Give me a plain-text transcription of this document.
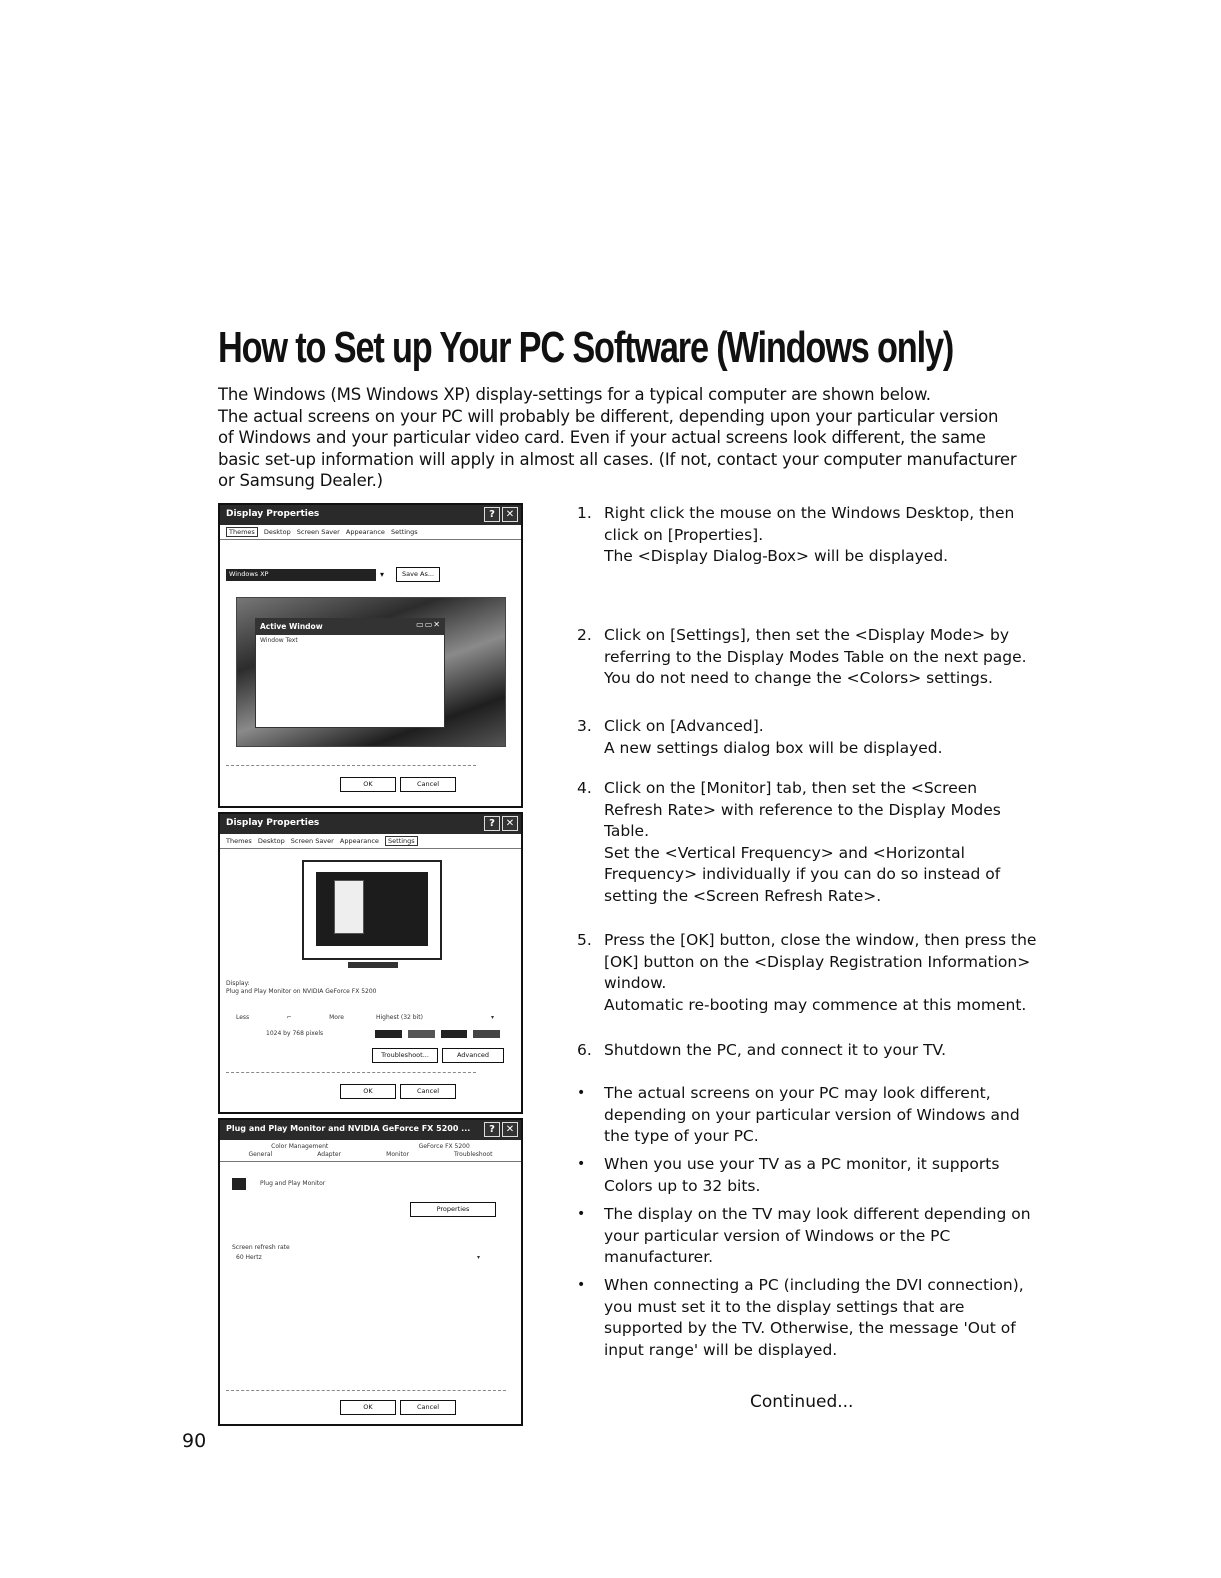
How to Set up Your PC Software (Windows only)

The Windows (MS Windows XP) display-settings for a typical computer are shown below.

The actual screens on your PC will probably be different, depending upon your particular version of Windows and your particular video card. Even if your actual screens look different, the same basic set-up information will apply in almost all cases. (If not, contact your computer manufacturer or Samsung Dealer.)

Display Properties	?	✕
Themes Desktop Screen Saver Appearance Settings
Windows XP	▾	Save As...
Active Window	▭▭✕
Window Text
OK	Cancel
Display Properties	?	✕
Themes Desktop Screen Saver Appearance Settings
Display:
Plug and Play Monitor on NVIDIA GeForce FX 5200
Less	⌐	More
1024 by 768 pixels
Highest (32 bit)	▾
Troubleshoot...	Advanced
OK	Cancel
Plug and Play Monitor and NVIDIA GeForce FX 5200 ...	?	✕
Color Management	GeForce FX 5200
General	Adapter	Monitor	Troubleshoot
Plug and Play Monitor
Properties
Screen refresh rate
60 Hertz	▾
OK	Cancel
1. Right click the mouse on the Windows Desktop, then click on [Properties].

The <Display Dialog-Box> will be displayed.

2. Click on [Settings], then set the <Display Mode> by referring to the Display Modes Table on the next page.

You do not need to change the <Colors> settings.

3. Click on [Advanced].

A new settings dialog box will be displayed.

4. Click on the [Monitor] tab, then set the <Screen Refresh Rate> with reference to the Display Modes Table.

Set the <Vertical Frequency> and <Horizontal Frequency> individually if you can do so instead of setting the <Screen Refresh Rate>.

5. Press the [OK] button, close the window, then press the [OK] button on the <Display Registration Information> window.

Automatic re-booting may commence at this moment.

6. Shutdown the PC, and connect it to your TV.

•	The actual screens on your PC may look different, depending on your particular version of Windows and the type of your PC.
•	When you use your TV as a PC monitor, it supports Colors up to 32 bits.
•	The display on the TV may look different depending on your particular version of Windows or the PC manufacturer.
•	When connecting a PC (including the DVI connection), you must set it to the display settings that are supported by the TV. Otherwise, the message 'Out of input range' will be displayed.
Continued...
90
